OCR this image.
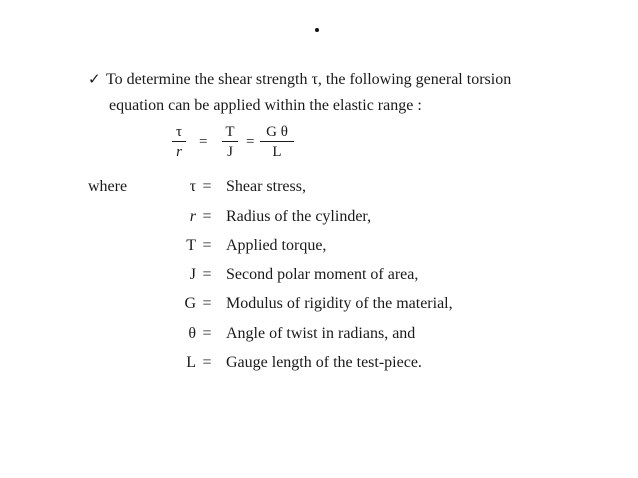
✓ To determine the shear strength τ, the following general torsion
equation can be applied within the elastic range :
τ
r
=
T
J
=
G θ
L
where	τ = Shear stress,
r = Radius of the cylinder,
T = Applied torque,
J = Second polar moment of area,
G = Modulus of rigidity of the material,
θ = Angle of twist in radians, and
L = Gauge length of the test-piece.
